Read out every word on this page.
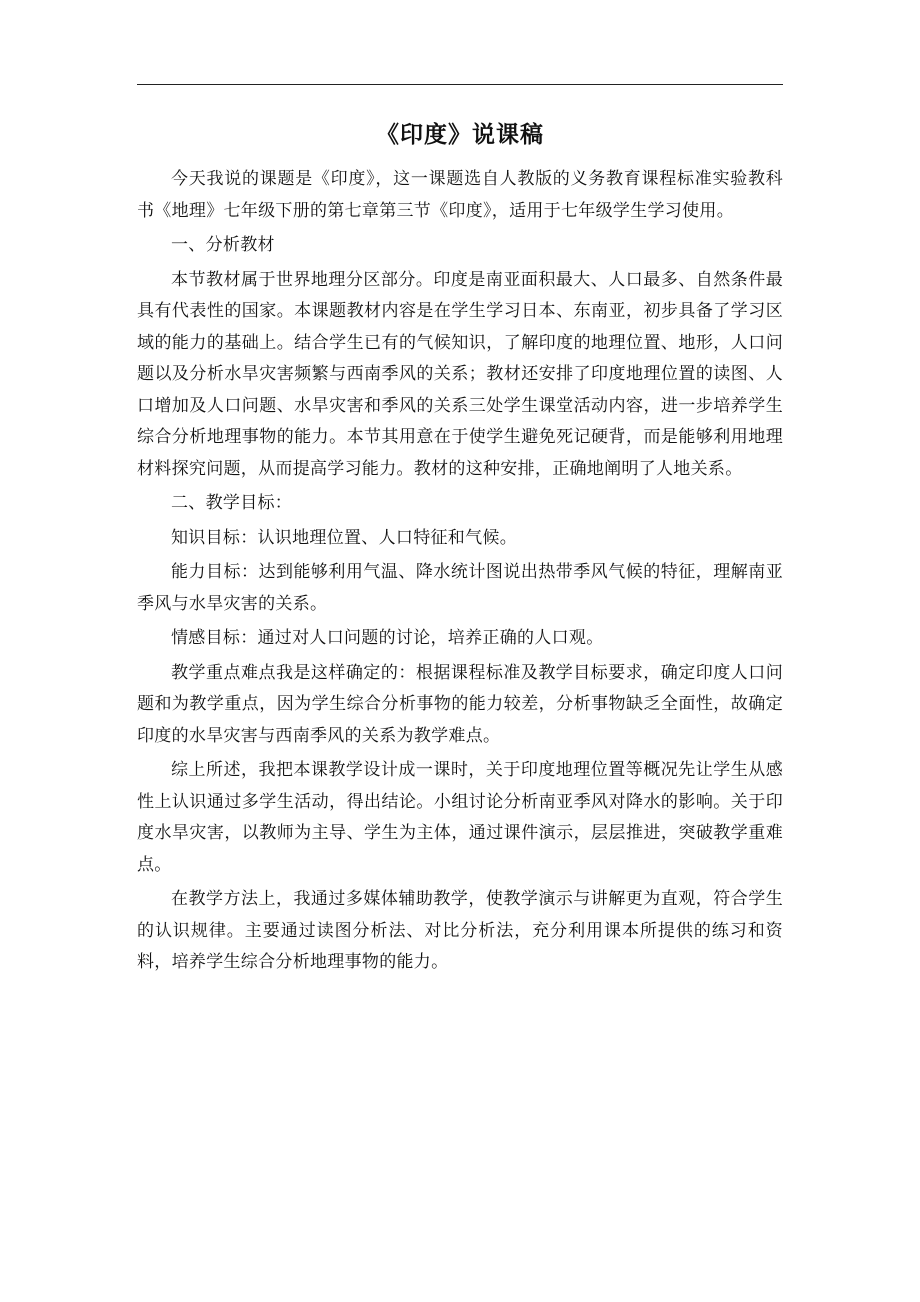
《印度》说课稿

今天我说的课题是《印度》，这一课题选自人教版的义务教育课程标准实验教科书《地理》七年级下册的第七章第三节《印度》，适用于七年级学生学习使用。

一、分析教材

本节教材属于世界地理分区部分。印度是南亚面积最大、人口最多、自然条件最具有代表性的国家。本课题教材内容是在学生学习日本、东南亚，初步具备了学习区域的能力的基础上。结合学生已有的气候知识，了解印度的地理位置、地形，人口问题以及分析水旱灾害频繁与西南季风的关系；教材还安排了印度地理位置的读图、人口增加及人口问题、水旱灾害和季风的关系三处学生课堂活动内容，进一步培养学生综合分析地理事物的能力。本节其用意在于使学生避免死记硬背，而是能够利用地理材料探究问题，从而提高学习能力。教材的这种安排，正确地阐明了人地关系。

二、教学目标：

知识目标：认识地理位置、人口特征和气候。

能力目标：达到能够利用气温、降水统计图说出热带季风气候的特征，理解南亚季风与水旱灾害的关系。

情感目标：通过对人口问题的讨论，培养正确的人口观。

教学重点难点我是这样确定的：根据课程标准及教学目标要求，确定印度人口问题和为教学重点，因为学生综合分析事物的能力较差，分析事物缺乏全面性，故确定印度的水旱灾害与西南季风的关系为教学难点。

综上所述，我把本课教学设计成一课时，关于印度地理位置等概况先让学生从感性上认识通过多学生活动，得出结论。小组讨论分析南亚季风对降水的影响。关于印度水旱灾害，以教师为主导、学生为主体，通过课件演示，层层推进，突破教学重难点。

在教学方法上，我通过多媒体辅助教学，使教学演示与讲解更为直观，符合学生的认识规律。主要通过读图分析法、对比分析法，充分利用课本所提供的练习和资料，培养学生综合分析地理事物的能力。
